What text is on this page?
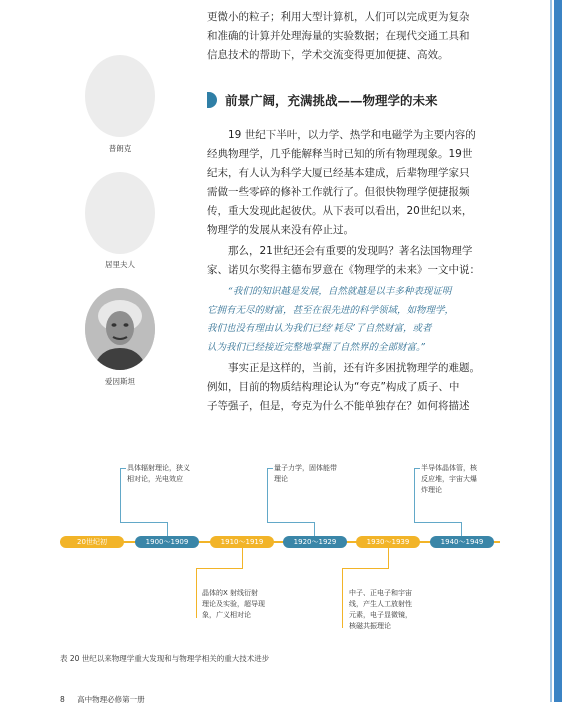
普朗克
居里夫人
爱因斯坦
更微小的粒子；利用大型计算机，人们可以完成更为复杂
和准确的计算并处理海量的实验数据；在现代交通工具和
信息技术的帮助下，学术交流变得更加便捷、高效。
前景广阔，充满挑战——物理学的未来
19 世纪下半叶，以力学、热学和电磁学为主要内容的
经典物理学，几乎能解释当时已知的所有物理现象。19世
纪末，有人认为科学大厦已经基本建成，后辈物理学家只
需做一些零碎的修补工作就行了。但很快物理学便捷报频
传，重大发现此起彼伏。从下表可以看出，20世纪以来，
物理学的发展从来没有停止过。
那么，21世纪还会有重要的发现吗？著名法国物理学
家、诺贝尔奖得主德布罗意在《物理学的未来》一文中说：
“我们的知识越是发展，自然就越是以丰多种表现证明
它拥有无尽的财富，甚至在很先进的科学领域，如物理学，
我们也没有理由认为我们已经‘耗尽’了自然财富，或者
认为我们已经接近完整地掌握了自然界的全部财富。”
事实正是这样的，当前，还有许多困扰物理学的难题。
例如，目前的物质结构理论认为“夸克”构成了质子、中
子等强子，但是，夸克为什么不能单独存在？如何将描述
20世纪初	1900～1909	1910～1919	1920～1929	1930～1939	1940～1949
具体辐射理论，狭义
相对论，光电效应
量子力学，固体能带
理论
半导体晶体管，核
反应堆，宇宙大爆
炸理论
晶体的X 射线衍射
理论及实验，超导现
象，广义相对论
中子、正电子和宇宙
线，产生人工放射性
元素，电子显微镜，
核磁共振理论
表 20 世纪以来物理学重大发现和与物理学相关的重大技术进步
8 高中物理必修第一册
